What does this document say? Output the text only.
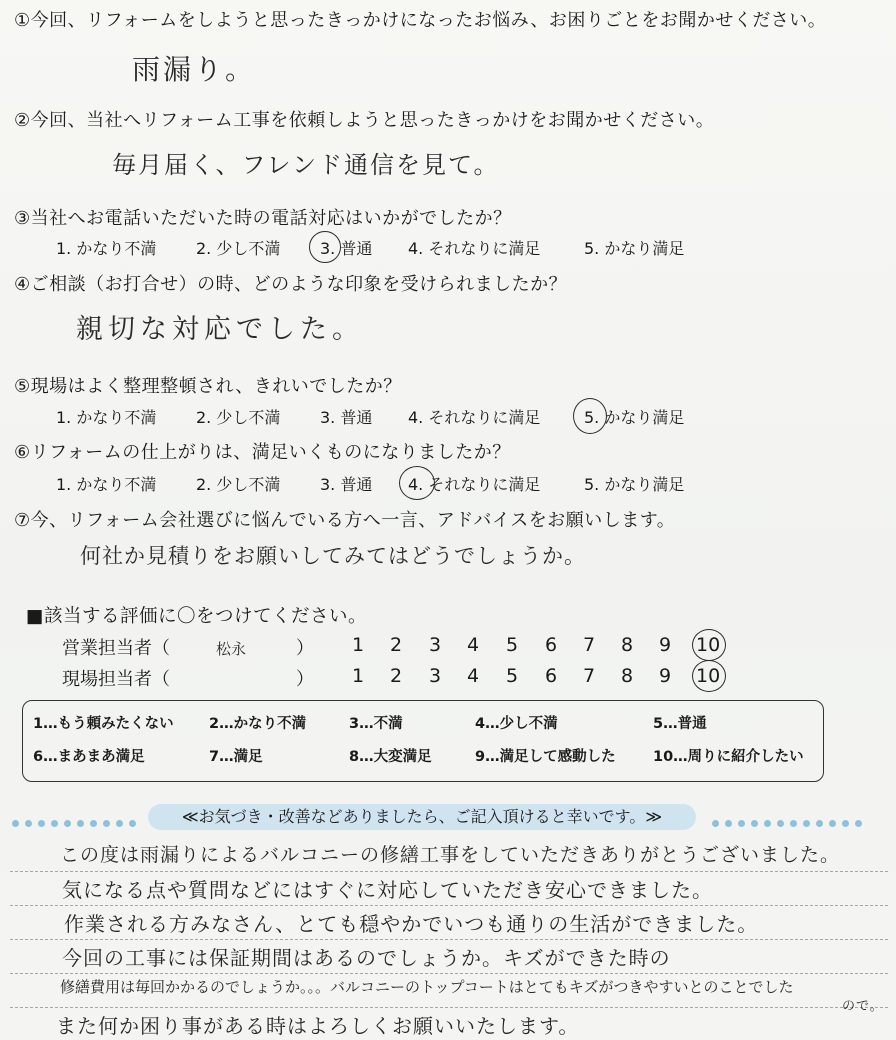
①今回、リフォームをしようと思ったきっかけになったお悩み、お困りごとをお聞かせください。
雨漏り。
②今回、当社へリフォーム工事を依頼しようと思ったきっかけをお聞かせください。
毎月届く、フレンド通信を見て。
③当社へお電話いただいた時の電話対応はいかがでしたか？
1. かなり不満 2. 少し不満 3. 普通 4. それなりに満足	5. かなり満足
④ご相談（お打合せ）の時、どのような印象を受けられましたか？
親切な対応でした。
⑤現場はよく整理整頓され、きれいでしたか？
1. かなり不満 2. 少し不満 3. 普通 4. それなりに満足	5. かなり満足
⑥リフォームの仕上がりは、満足いくものになりましたか？
1. かなり不満 2. 少し不満 3. 普通 4. それなりに満足	5. かなり満足
⑦今、リフォーム会社選びに悩んでいる方へ一言、アドバイスをお願いします。
何社か見積りをお願いしてみてはどうでしょうか。
■該当する評価に〇をつけてください。
営業担当者（	松永	） 1 2 3 4 5 6 7 8 9 10
現場担当者（	） 1 2 3 4 5 6 7 8 9 10
1…もう頼みたくない 2…かなり不満	3…不満	4…少し不満	5…普通
6…まあまあ満足	7…満足	8…大変満足	9…満足して感動した	10…周りに紹介したい
≪お気づき・改善などありましたら、ご記入頂けると幸いです。≫
この度は雨漏りによるバルコニーの修繕工事をしていただきありがとうございました。
気になる点や質問などにはすぐに対応していただき安心できました。
作業される方みなさん、とても穏やかでいつも通りの生活ができました。
今回の工事には保証期間はあるのでしょうか。キズができた時の
修繕費用は毎回かかるのでしょうか。。。バルコニーのトップコートはとてもキズがつきやすいとのことでした
ので。
また何か困り事がある時はよろしくお願いいたします。
